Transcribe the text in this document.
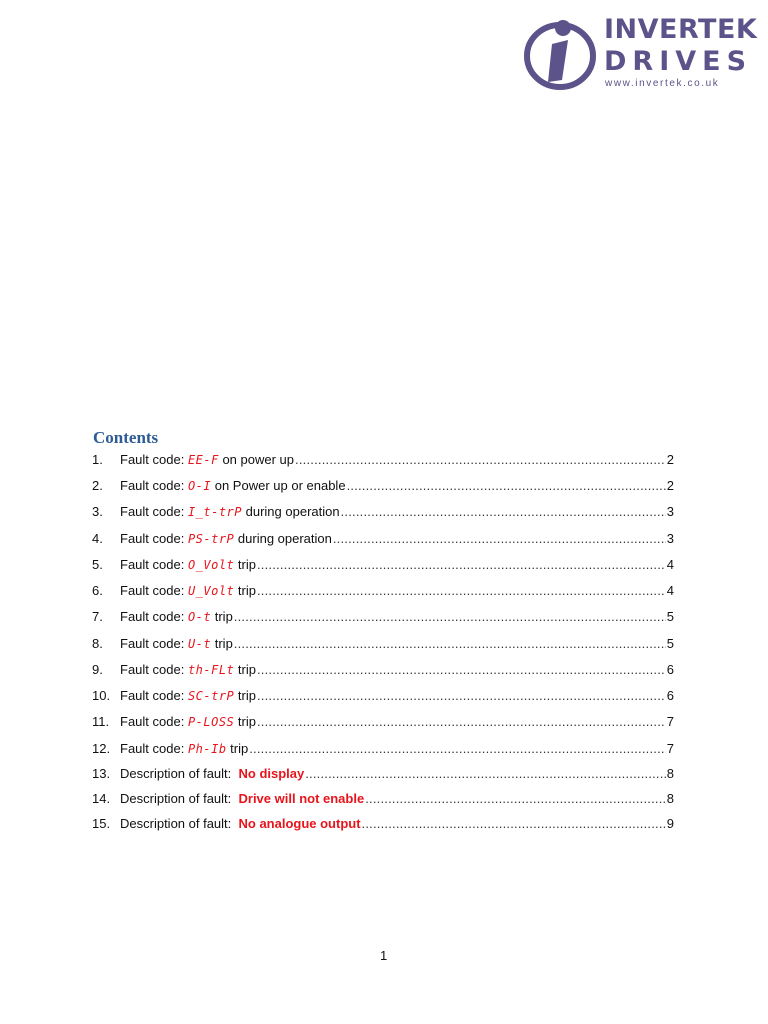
INVERTEK
DRIVES
www.invertek.co.uk
Contents
1.	Fault code: EE-F on power up .....	2
2.	Fault code: O-I on Power up or enable .....	2
3.	Fault code: I_t-trP during operation .....	3
4.	Fault code: PS-trP during operation .....	3
5.	Fault code: O_Volt trip .....	4
6.	Fault code: U_Volt trip .....	4
7.	Fault code: O-t trip .....	5
8.	Fault code: U-t trip .....	5
9.	Fault code: th-FLt trip .....	6
10. Fault code: SC-trP trip .....	6
11. Fault code: P-LOSS trip .....	7
12. Fault code: Ph-Ib trip .....	7
13. Description of fault:  No display .....	8
14. Description of fault:  Drive will not enable .....	8
15. Description of fault:  No analogue output .....	9
1
